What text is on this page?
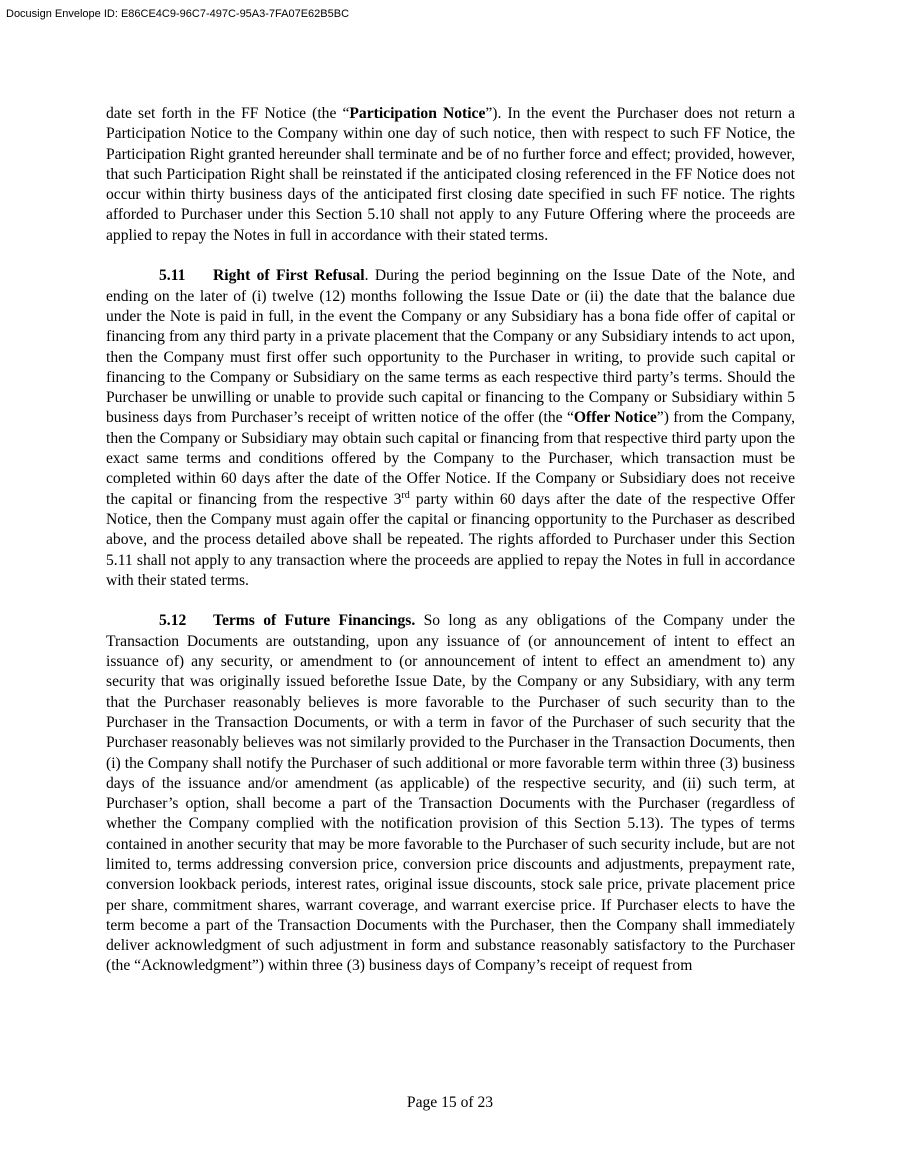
Docusign Envelope ID: E86CE4C9-96C7-497C-95A3-7FA07E62B5BC

date set forth in the FF Notice (the “Participation Notice”). In the event the Purchaser does not return a Participation Notice to the Company within one day of such notice, then with respect to such FF Notice, the Participation Right granted hereunder shall terminate and be of no further force and effect; provided, however, that such Participation Right shall be reinstated if the anticipated closing referenced in the FF Notice does not occur within thirty business days of the anticipated first closing date specified in such FF notice. The rights afforded to Purchaser under this Section 5.10 shall not apply to any Future Offering where the proceeds are applied to repay the Notes in full in accordance with their stated terms.

5.11 Right of First Refusal. During the period beginning on the Issue Date of the Note, and ending on the later of (i) twelve (12) months following the Issue Date or (ii) the date that the balance due under the Note is paid in full, in the event the Company or any Subsidiary has a bona fide offer of capital or financing from any third party in a private placement that the Company or any Subsidiary intends to act upon, then the Company must first offer such opportunity to the Purchaser in writing, to provide such capital or financing to the Company or Subsidiary on the same terms as each respective third party’s terms. Should the Purchaser be unwilling or unable to provide such capital or financing to the Company or Subsidiary within 5 business days from Purchaser’s receipt of written notice of the offer (the “Offer Notice”) from the Company, then the Company or Subsidiary may obtain such capital or financing from that respective third party upon the exact same terms and conditions offered by the Company to the Purchaser, which transaction must be completed within 60 days after the date of the Offer Notice. If the Company or Subsidiary does not receive the capital or financing from the respective 3rd party within 60 days after the date of the respective Offer Notice, then the Company must again offer the capital or financing opportunity to the Purchaser as described above, and the process detailed above shall be repeated. The rights afforded to Purchaser under this Section 5.11 shall not apply to any transaction where the proceeds are applied to repay the Notes in full in accordance with their stated terms.

5.12 Terms of Future Financings. So long as any obligations of the Company under the Transaction Documents are outstanding, upon any issuance of (or announcement of intent to effect an issuance of) any security, or amendment to (or announcement of intent to effect an amendment to) any security that was originally issued beforethe Issue Date, by the Company or any Subsidiary, with any term that the Purchaser reasonably believes is more favorable to the Purchaser of such security than to the Purchaser in the Transaction Documents, or with a term in favor of the Purchaser of such security that the Purchaser reasonably believes was not similarly provided to the Purchaser in the Transaction Documents, then (i) the Company shall notify the Purchaser of such additional or more favorable term within three (3) business days of the issuance and/or amendment (as applicable) of the respective security, and (ii) such term, at Purchaser’s option, shall become a part of the Transaction Documents with the Purchaser (regardless of whether the Company complied with the notification provision of this Section 5.13). The types of terms contained in another security that may be more favorable to the Purchaser of such security include, but are not limited to, terms addressing conversion price, conversion price discounts and adjustments, prepayment rate, conversion lookback periods, interest rates, original issue discounts, stock sale price, private placement price per share, commitment shares, warrant coverage, and warrant exercise price. If Purchaser elects to have the term become a part of the Transaction Documents with the Purchaser, then the Company shall immediately deliver acknowledgment of such adjustment in form and substance reasonably satisfactory to the Purchaser (the “Acknowledgment”) within three (3) business days of Company’s receipt of request from

Page 15 of 23
